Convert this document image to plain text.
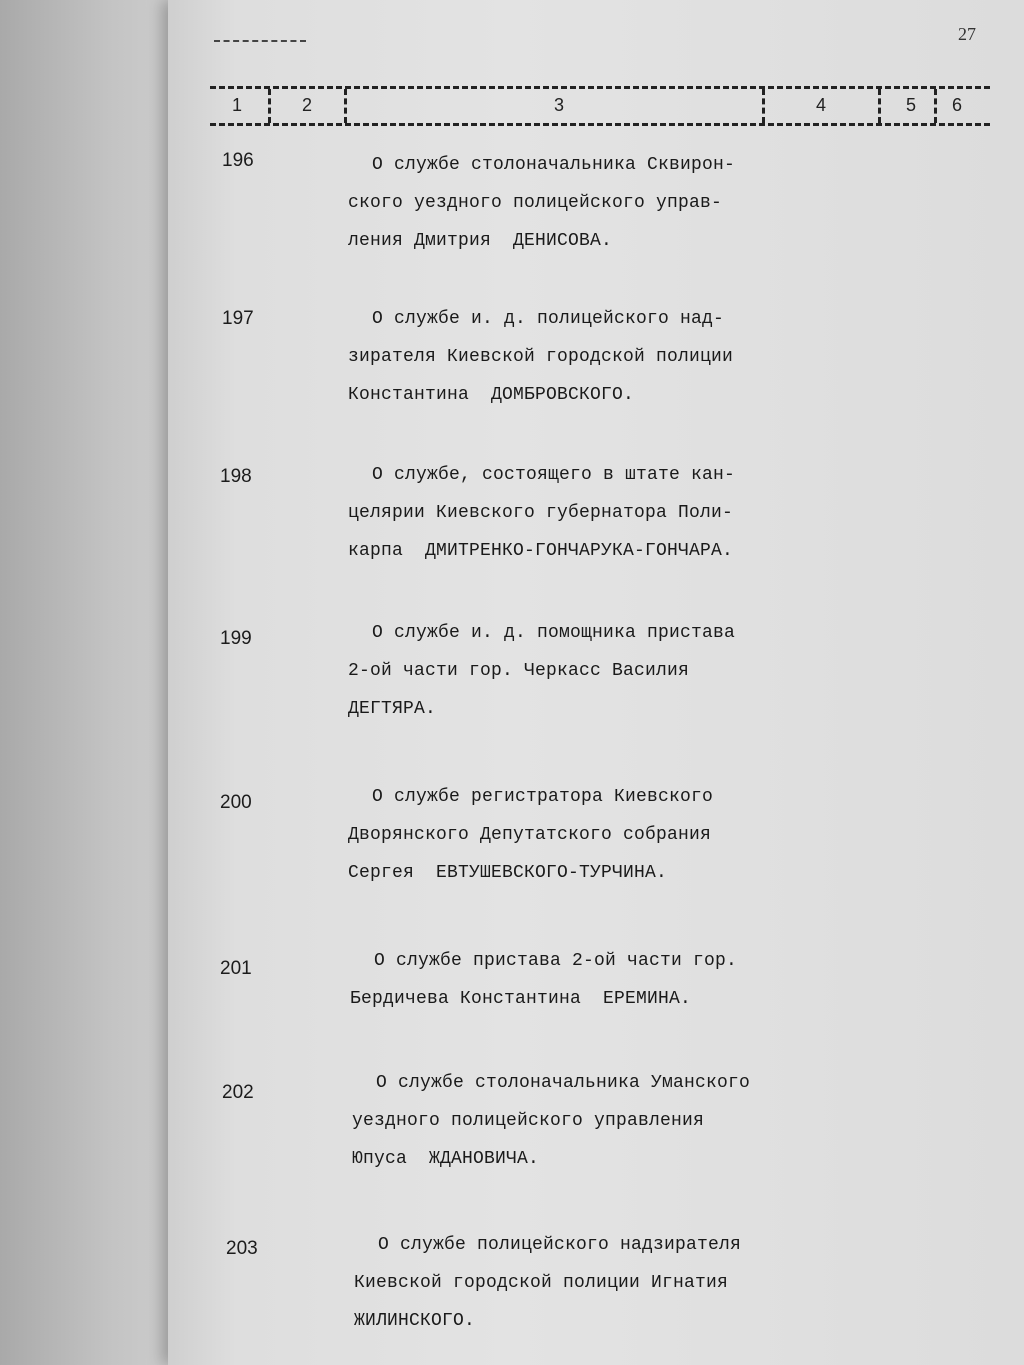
27
1	2	3	4	5 6
196	О службе столоначальника Сквирон-
ского уездного полицейского управ-
ления Дмитрия  ДЕНИСОВА.
197	О службе и. д. полицейского над-
зирателя Киевской городской полиции
Константина  ДОМБРОВСКОГО.
198	О службе, состоящего в штате кан-
целярии Киевского губернатора Поли-
карпа  ДМИТРЕНКО-ГОНЧАРУКА-ГОНЧАРА.
199	О службе и. д. помощника пристава
2-ой части гор. Черкасс Василия
ДЕГТЯРА.
200	О службе регистратора Киевского
Дворянского Депутатского собрания
Сергея  ЕВТУШЕВСКОГО-ТУРЧИНА.
201	О службе пристава 2-ой части гор.
Бердичева Константина  ЕРЕМИНА.
202	О службе столоначальника Уманского
уездного полицейского управления
Юпуса  ЖДАНОВИЧА.
203	О службе полицейского надзирателя
Киевской городской полиции Игнатия
ЖИЛИНСКОГО.
